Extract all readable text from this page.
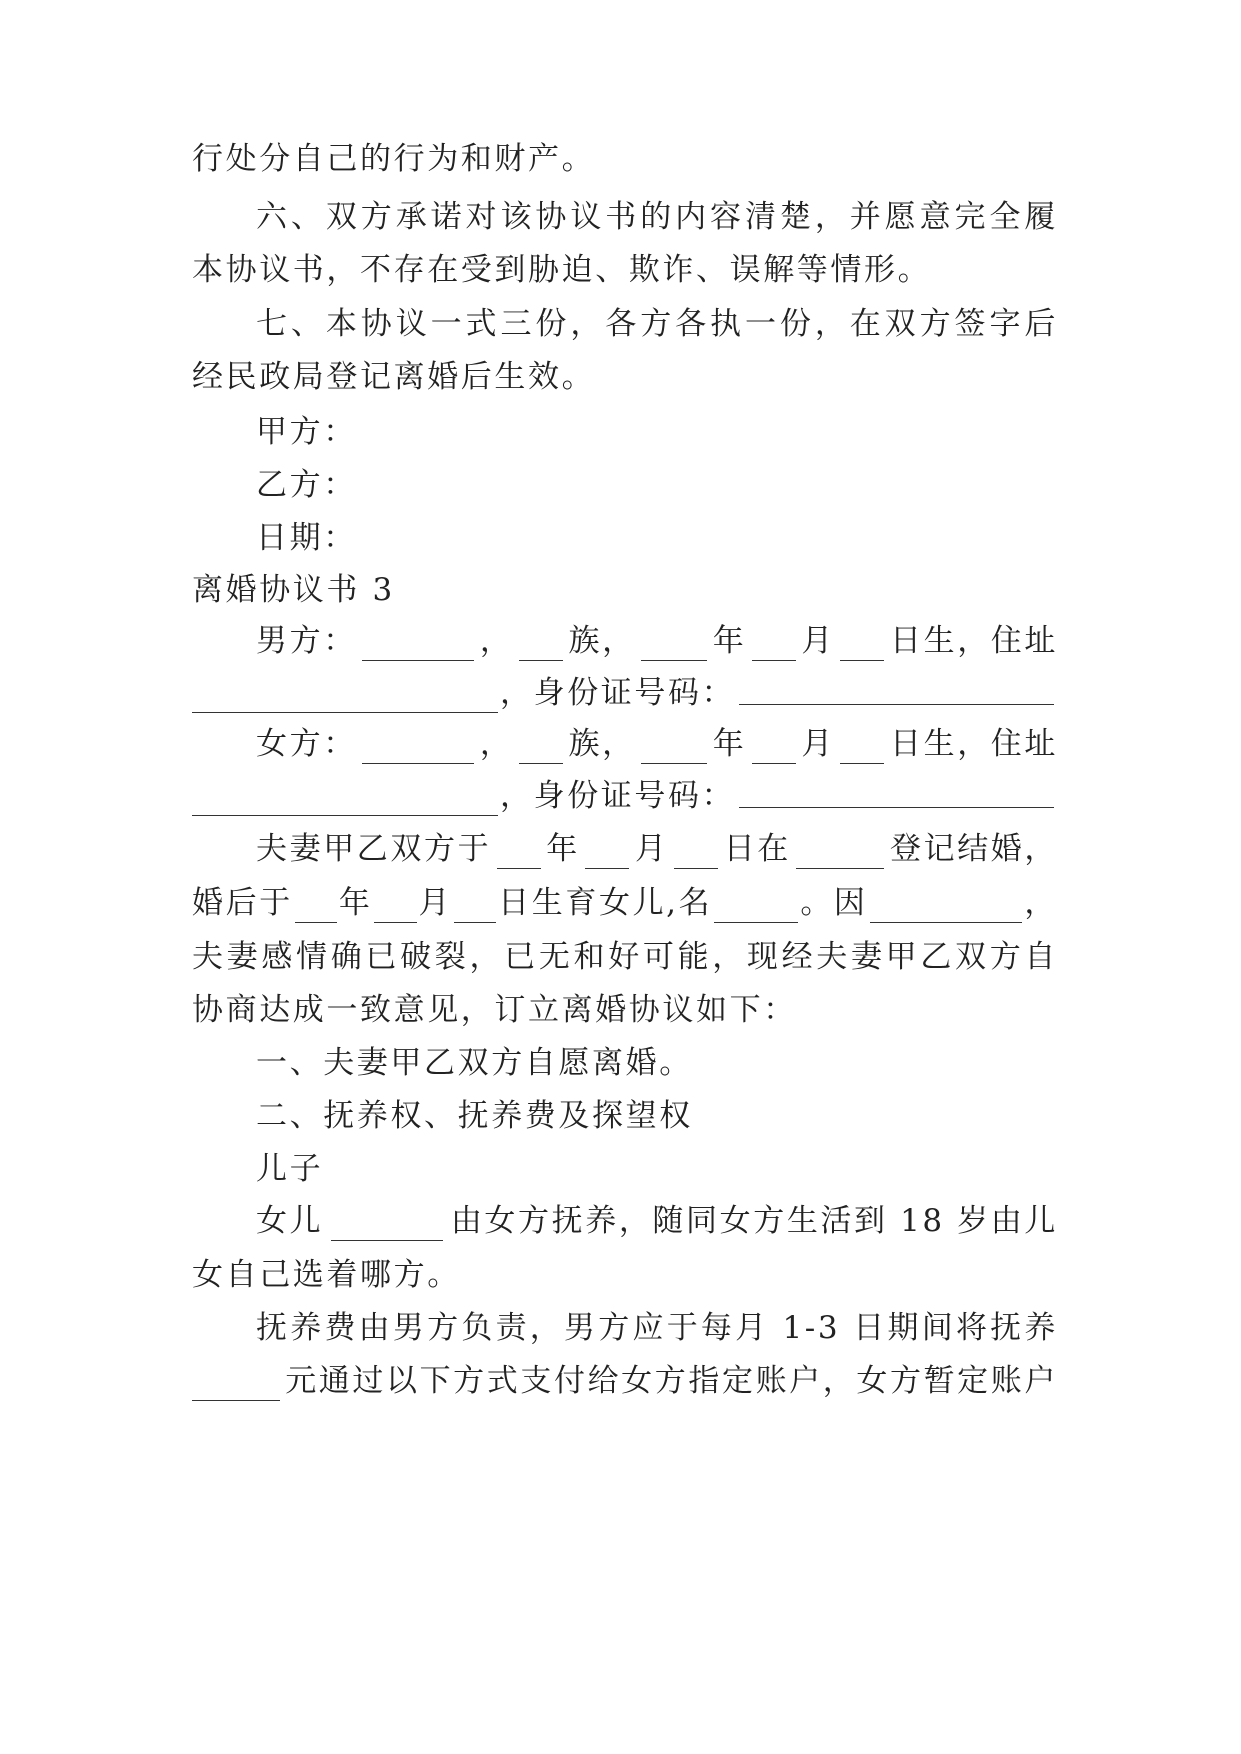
行处分自己的行为和财产。
六、双方承诺对该协议书的内容清楚，并愿意完全履
本协议书，不存在受到胁迫、欺诈、误解等情形。
七、本协议一式三份，各方各执一份，在双方签字后
经民政局登记离婚后生效。
甲方：
乙方：
日期：
离婚协议书 3
男方：	， 族， 年 月 日生，住址
，身份证号码：
女方：	， 族， 年 月 日生，住址
，身份证号码：
夫妻甲乙双方于 年 月 日在	登记结婚，
婚后于 年 月 日生育女儿,名	。因	，
夫妻感情确已破裂，已无和好可能，现经夫妻甲乙双方自
协商达成一致意见，订立离婚协议如下：
一、夫妻甲乙双方自愿离婚。
二、抚养权、抚养费及探望权
儿子
女儿	由女方抚养，随同女方生活到 18 岁由儿
女自己选着哪方。
抚养费由男方负责，男方应于每月 1-3 日期间将抚养
元通过以下方式支付给女方指定账户，女方暂定账户
